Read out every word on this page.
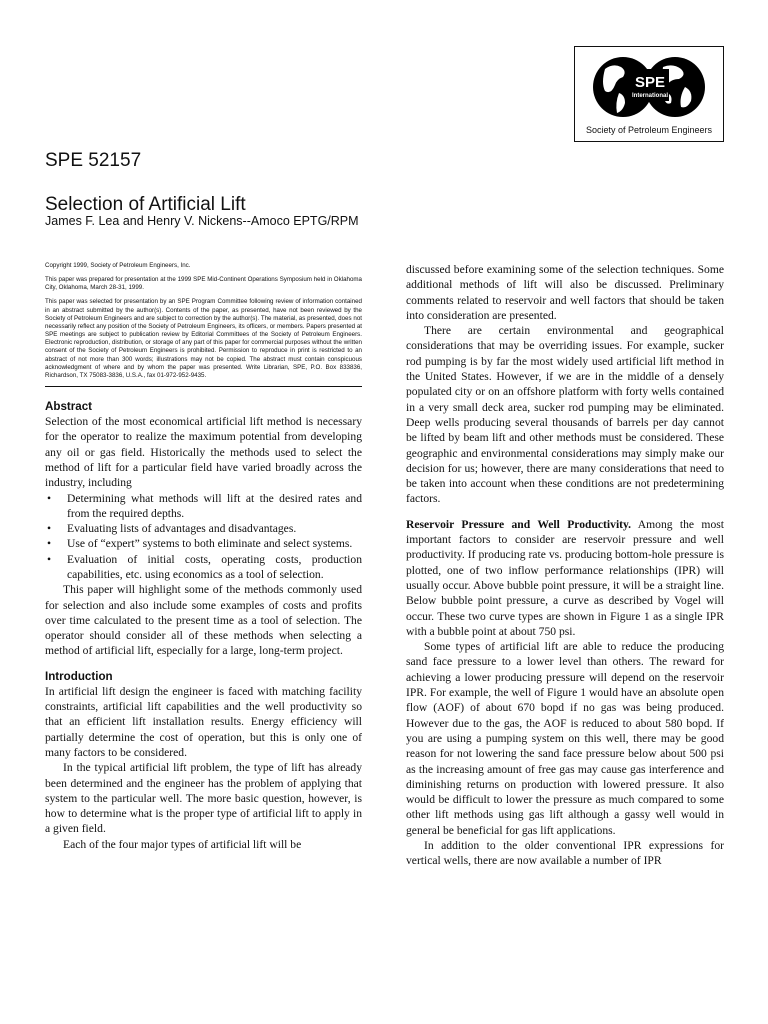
SPE
International
Society of Petroleum Engineers
SPE 52157
Selection of Artificial Lift
James F. Lea and Henry V. Nickens--Amoco EPTG/RPM

Copyright 1999, Society of Petroleum Engineers, Inc.

This paper was prepared for presentation at the 1999 SPE Mid-Continent Operations Symposium held in Oklahoma City, Oklahoma, March 28-31, 1999.

This paper was selected for presentation by an SPE Program Committee following review of information contained in an abstract submitted by the author(s). Contents of the paper, as presented, have not been reviewed by the Society of Petroleum Engineers and are subject to correction by the author(s). The material, as presented, does not necessarily reflect any position of the Society of Petroleum Engineers, its officers, or members. Papers presented at SPE meetings are subject to publication review by Editorial Committees of the Society of Petroleum Engineers. Electronic reproduction, distribution, or storage of any part of this paper for commercial purposes without the written consent of the Society of Petroleum Engineers is prohibited. Permission to reproduce in print is restricted to an abstract of not more than 300 words; illustrations may not be copied. The abstract must contain conspicuous acknowledgment of where and by whom the paper was presented. Write Librarian, SPE, P.O. Box 833836, Richardson, TX 75083-3836, U.S.A., fax 01-972-952-9435.

Abstract

Selection of the most economical artificial lift method is necessary for the operator to realize the maximum potential from developing any oil or gas field. Historically the methods used to select the method of lift for a particular field have varied broadly across the industry, including

• Determining what methods will lift at the desired rates and from the required depths.
• Evaluating lists of advantages and disadvantages.
• Use of “expert” systems to both eliminate and select systems.
• Evaluation of initial costs, operating costs, production capabilities, etc. using economics as a tool of selection.

This paper will highlight some of the methods commonly used for selection and also include some examples of costs and profits over time calculated to the present time as a tool of selection. The operator should consider all of these methods when selecting a method of artificial lift, especially for a large, long-term project.

Introduction

In artificial lift design the engineer is faced with matching facility constraints, artificial lift capabilities and the well productivity so that an efficient lift installation results. Energy efficiency will partially determine the cost of operation, but this is only one of many factors to be considered.

In the typical artificial lift problem, the type of lift has already been determined and the engineer has the problem of applying that system to the particular well. The more basic question, however, is how to determine what is the proper type of artificial lift to apply in a given field.

Each of the four major types of artificial lift will be

discussed before examining some of the selection techniques. Some additional methods of lift will also be discussed. Preliminary comments related to reservoir and well factors that should be taken into consideration are presented.

There are certain environmental and geographical considerations that may be overriding issues. For example, sucker rod pumping is by far the most widely used artificial lift method in the United States. However, if we are in the middle of a densely populated city or on an offshore platform with forty wells contained in a very small deck area, sucker rod pumping may be eliminated. Deep wells producing several thousands of barrels per day cannot be lifted by beam lift and other methods must be considered. These geographic and environmental considerations may simply make our decision for us; however, there are many considerations that need to be taken into account when these conditions are not predetermining factors.

Reservoir Pressure and Well Productivity. Among the most important factors to consider are reservoir pressure and well productivity. If producing rate vs. producing bottom-hole pressure is plotted, one of two inflow performance relationships (IPR) will usually occur. Above bubble point pressure, it will be a straight line. Below bubble point pressure, a curve as described by Vogel will occur. These two curve types are shown in Figure 1 as a single IPR with a bubble point at about 750 psi.

Some types of artificial lift are able to reduce the producing sand face pressure to a lower level than others. The reward for achieving a lower producing pressure will depend on the reservoir IPR. For example, the well of Figure 1 would have an absolute open flow (AOF) of about 670 bopd if no gas was being produced. However due to the gas, the AOF is reduced to about 580 bopd. If you are using a pumping system on this well, there may be good reason for not lowering the sand face pressure below about 500 psi as the increasing amount of free gas may cause gas interference and diminishing returns on production with lowered pressure. It also would be difficult to lower the pressure as much compared to some other lift methods using gas lift although a gassy well would in general be beneficial for gas lift applications.

In addition to the older conventional IPR expressions for vertical wells, there are now available a number of IPR
